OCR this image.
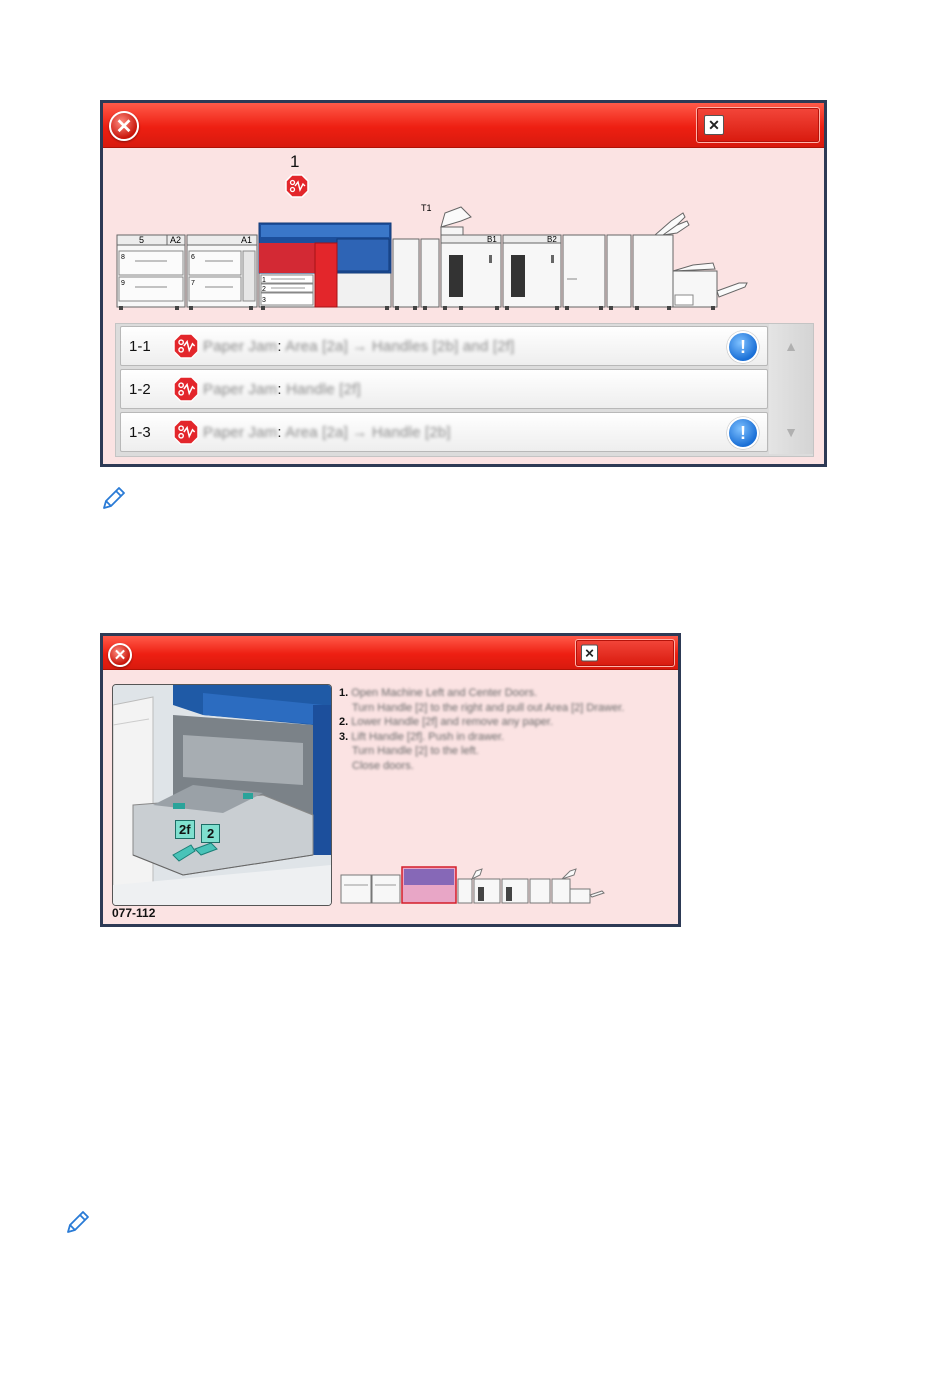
✕	✕
1
5	A2
8
9
A1
6
7	1
2
3
T1
B1	B2
1-1	Paper Jam: Area [2a] → Handles [2b] and [2f]	!
1-2	Paper Jam: Handle [2f]
1-3	Paper Jam: Area [2a] → Handle [2b]	!
▲
▼
✕	✕
2f	2
077-112
1. Open Machine Left and Center Doors.
Turn Handle [2] to the right and pull out Area [2] Drawer.
2. Lower Handle [2f] and remove any paper.
3. Lift Handle [2f]. Push in drawer.
Turn Handle [2] to the left.
Close doors.
